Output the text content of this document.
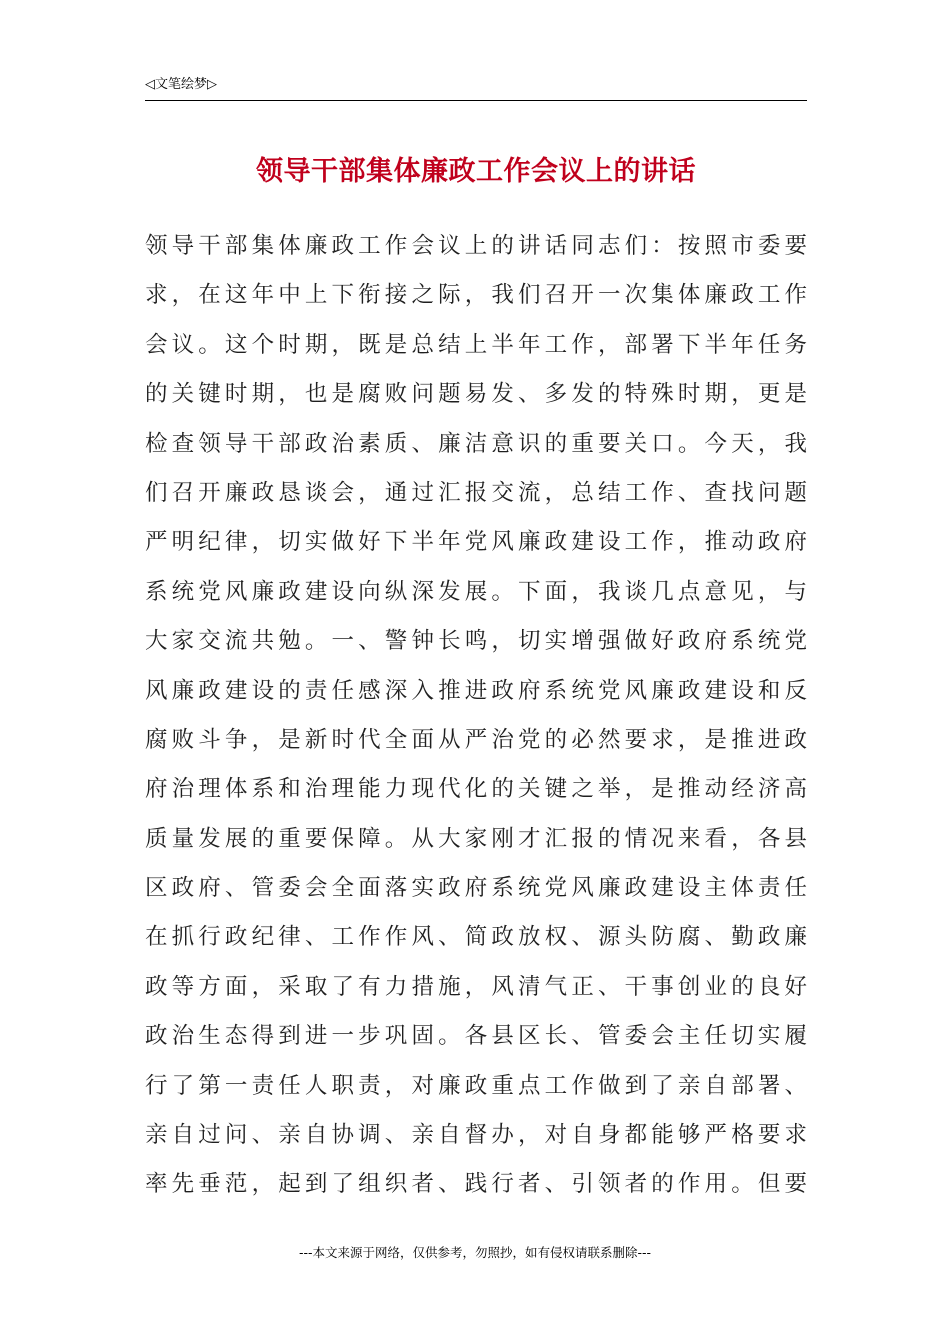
◁文笔绘梦▷
领导干部集体廉政工作会议上的讲话
领导干部集体廉政工作会议上的讲话同志们：按照市委要
求，在这年中上下衔接之际，我们召开一次集体廉政工作
会议。这个时期，既是总结上半年工作，部署下半年任务
的关键时期，也是腐败问题易发、多发的特殊时期，更是
检查领导干部政治素质、廉洁意识的重要关口。今天，我
们召开廉政恳谈会，通过汇报交流，总结工作、查找问题
严明纪律，切实做好下半年党风廉政建设工作，推动政府
系统党风廉政建设向纵深发展。下面，我谈几点意见，与
大家交流共勉。一、警钟长鸣，切实增强做好政府系统党
风廉政建设的责任感深入推进政府系统党风廉政建设和反
腐败斗争，是新时代全面从严治党的必然要求，是推进政
府治理体系和治理能力现代化的关键之举，是推动经济高
质量发展的重要保障。从大家刚才汇报的情况来看，各县
区政府、管委会全面落实政府系统党风廉政建设主体责任
在抓行政纪律、工作作风、简政放权、源头防腐、勤政廉
政等方面，采取了有力措施，风清气正、干事创业的良好
政治生态得到进一步巩固。各县区长、管委会主任切实履
行了第一责任人职责，对廉政重点工作做到了亲自部署、
亲自过问、亲自协调、亲自督办，对自身都能够严格要求
率先垂范，起到了组织者、践行者、引领者的作用。但要
---本文来源于网络，仅供参考，勿照抄，如有侵权请联系删除---
